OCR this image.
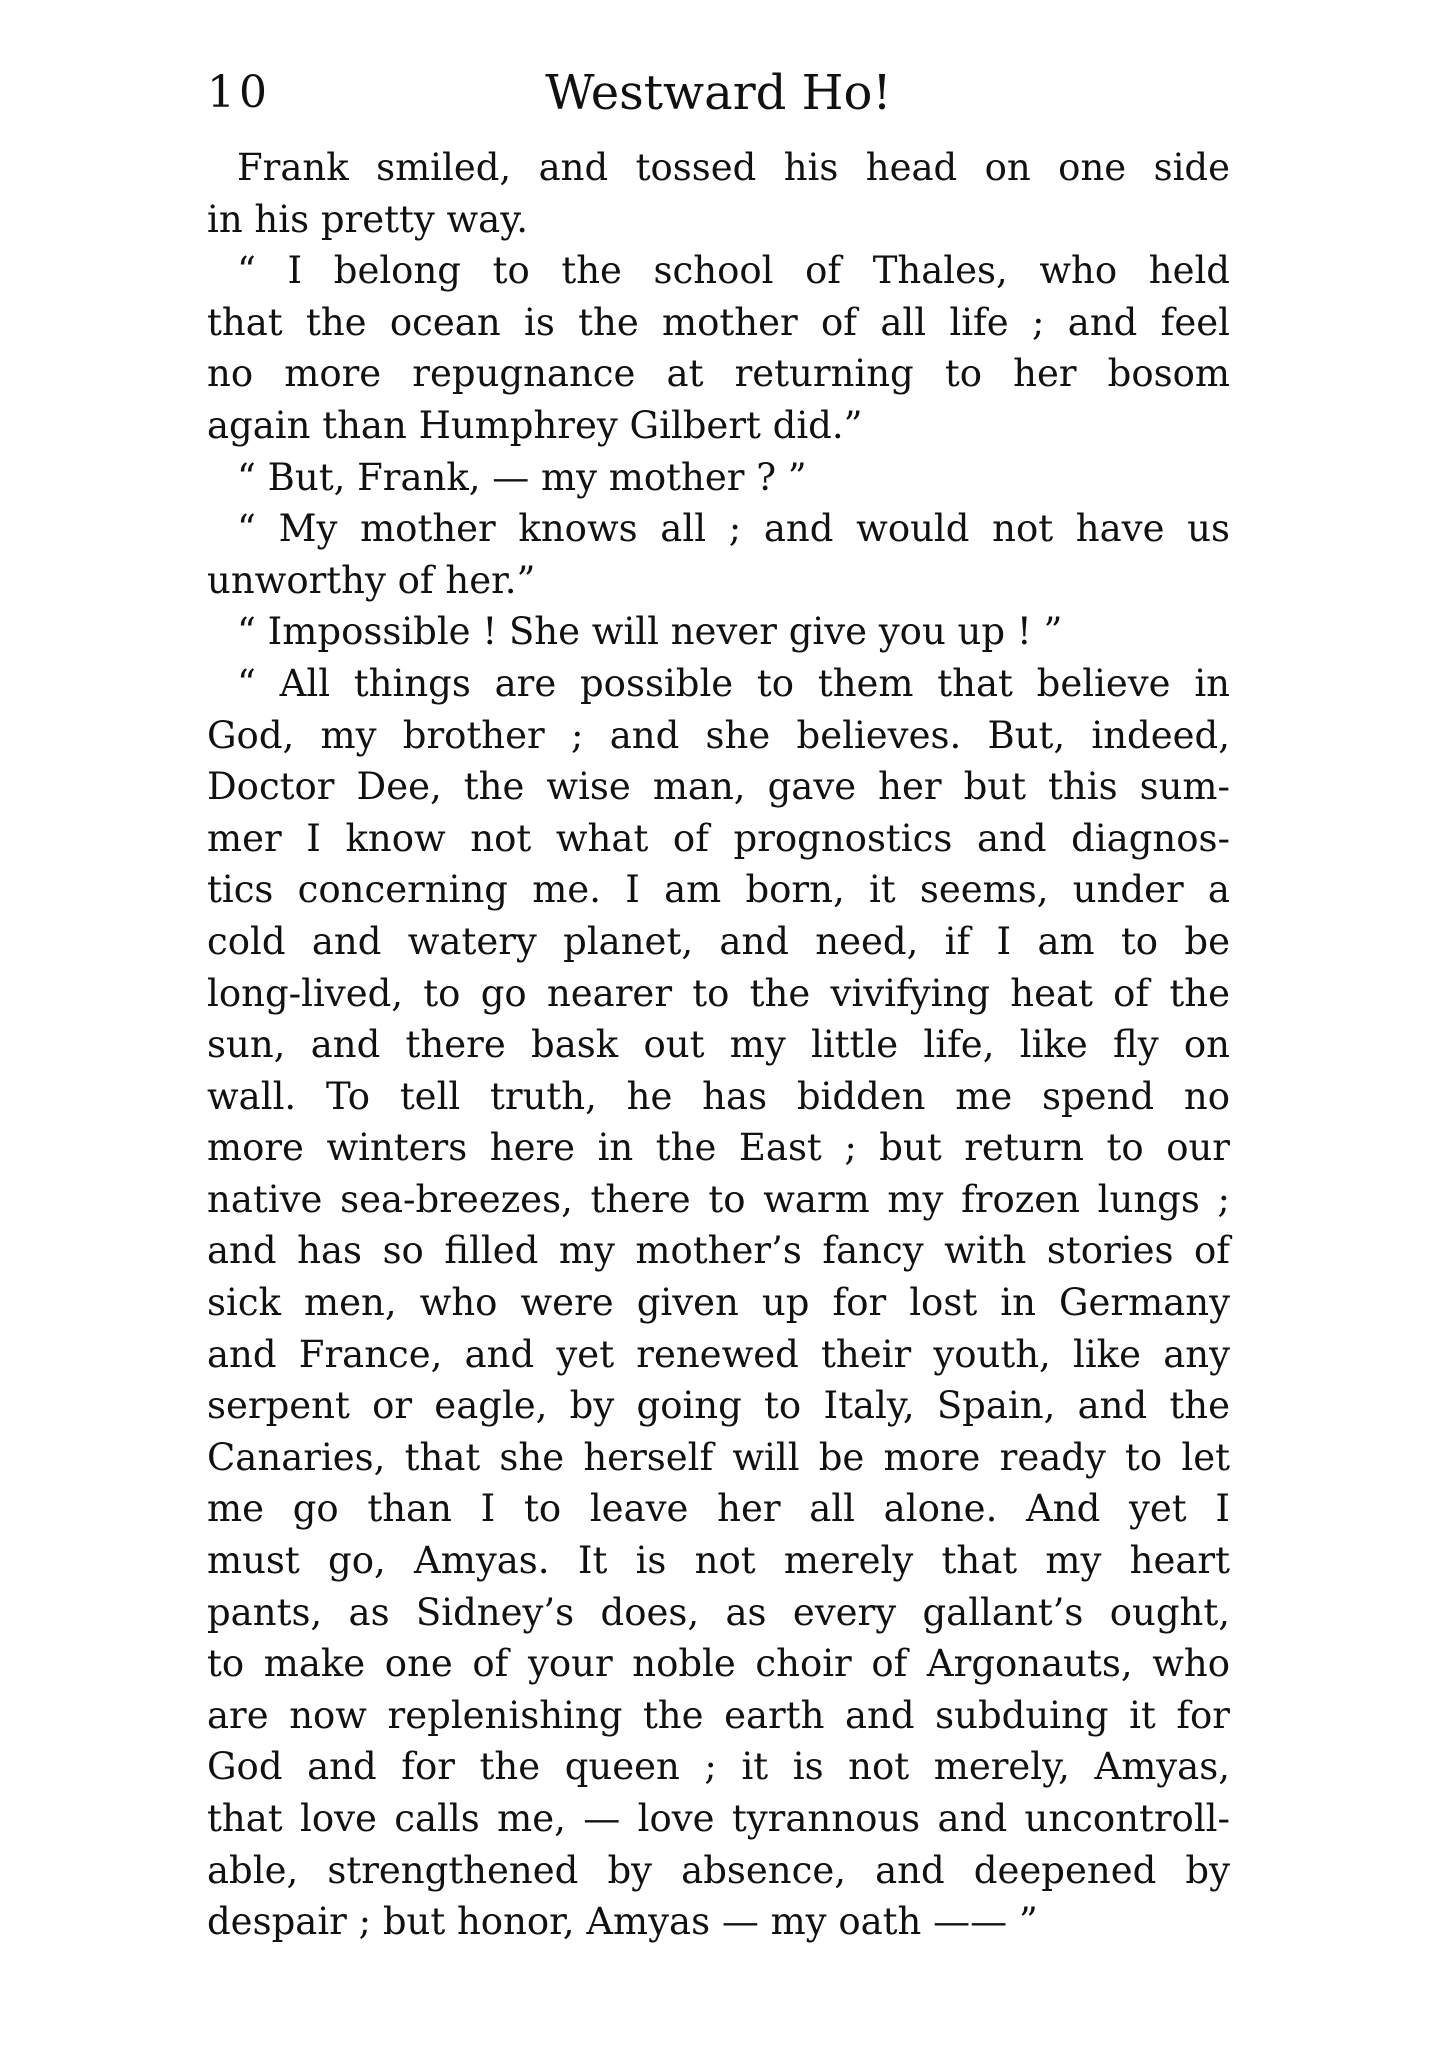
10	Westward Ho!
Frank smiled, and tossed his head on one side
in his pretty way.
“ I belong to the school of Thales, who held
that the ocean is the mother of all life ; and feel
no more repugnance at returning to her bosom
again than Humphrey Gilbert did.”
“ But, Frank, — my mother ? ”
“ My mother knows all ; and would not have us
unworthy of her.”
“ Impossible ! She will never give you up ! ”
“ All things are possible to them that believe in
God, my brother ; and she believes. But, indeed,
Doctor Dee, the wise man, gave her but this sum-
mer I know not what of prognostics and diagnos-
tics concerning me. I am born, it seems, under a
cold and watery planet, and need, if I am to be
long-lived, to go nearer to the vivifying heat of the
sun, and there bask out my little life, like fly on
wall. To tell truth, he has bidden me spend no
more winters here in the East ; but return to our
native sea-breezes, there to warm my frozen lungs ;
and has so filled my mother’s fancy with stories of
sick men, who were given up for lost in Germany
and France, and yet renewed their youth, like any
serpent or eagle, by going to Italy, Spain, and the
Canaries, that she herself will be more ready to let
me go than I to leave her all alone. And yet I
must go, Amyas. It is not merely that my heart
pants, as Sidney’s does, as every gallant’s ought,
to make one of your noble choir of Argonauts, who
are now replenishing the earth and subduing it for
God and for the queen ; it is not merely, Amyas,
that love calls me, — love tyrannous and uncontroll-
able, strengthened by absence, and deepened by
despair ; but honor, Amyas — my oath —— ”
